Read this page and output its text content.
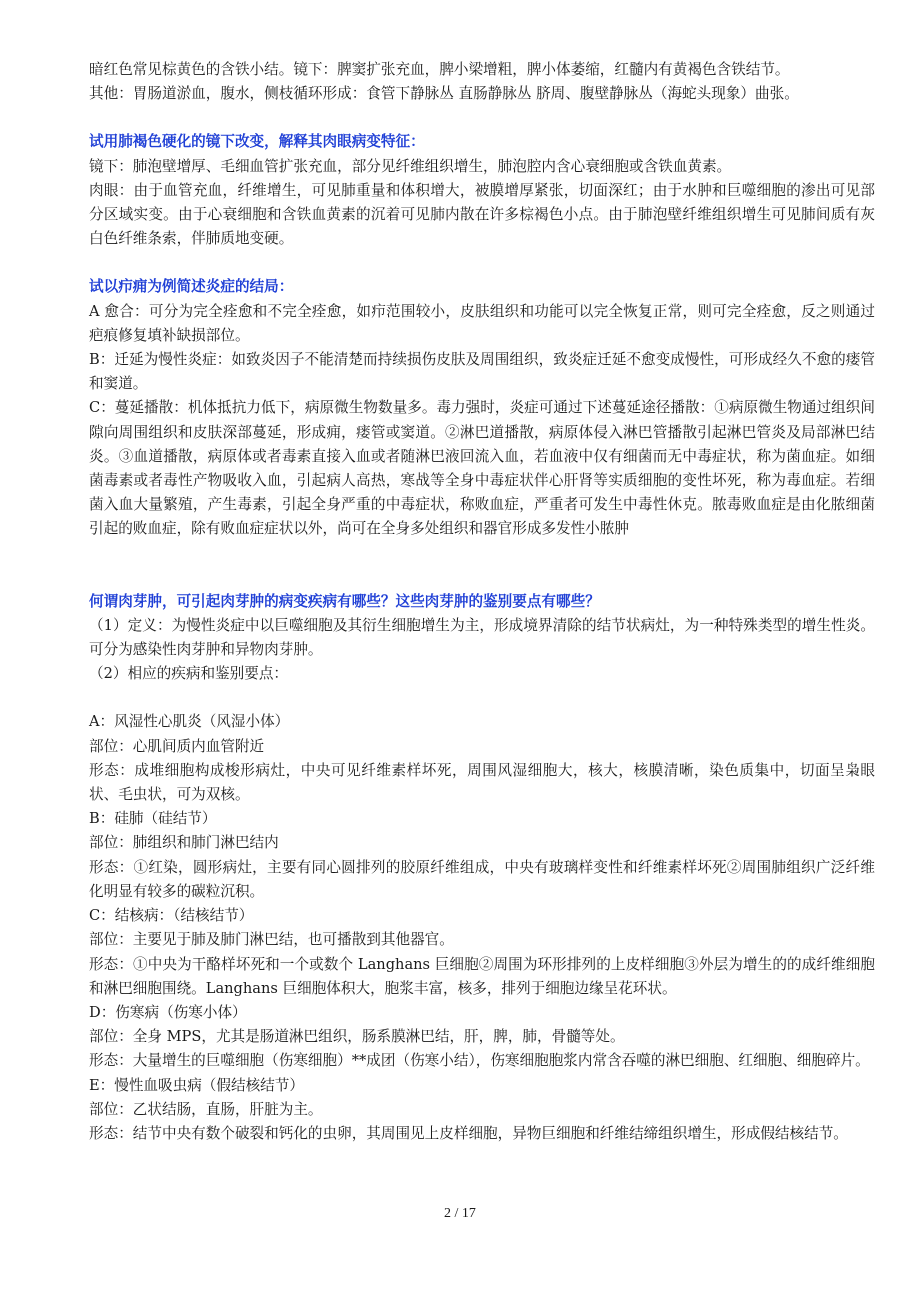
暗红色常见棕黄色的含铁小结。镜下：脾窦扩张充血，脾小梁增粗，脾小体萎缩，红髓内有黄褐色含铁结节。

其他：胃肠道淤血，腹水，侧枝循环形成：食管下静脉丛 直肠静脉丛 脐周、腹壁静脉丛（海蛇头现象）曲张。

试用肺褐色硬化的镜下改变，解释其肉眼病变特征：

镜下：肺泡壁增厚、毛细血管扩张充血，部分见纤维组织增生，肺泡腔内含心衰细胞或含铁血黄素。

肉眼：由于血管充血，纤维增生，可见肺重量和体积增大，被膜增厚紧张，切面深红；由于水肿和巨噬细胞的渗出可见部分区域实变。由于心衰细胞和含铁血黄素的沉着可见肺内散在许多棕褐色小点。由于肺泡壁纤维组织增生可见肺间质有灰白色纤维条索，伴肺质地变硬。

试以疖痈为例简述炎症的结局：

A 愈合：可分为完全痊愈和不完全痊愈，如疖范围较小，皮肤组织和功能可以完全恢复正常，则可完全痊愈，反之则通过疤痕修复填补缺损部位。

B：迁延为慢性炎症：如致炎因子不能清楚而持续损伤皮肤及周围组织，致炎症迁延不愈变成慢性，可形成经久不愈的瘘管和窦道。

C：蔓延播散：机体抵抗力低下，病原微生物数量多。毒力强时，炎症可通过下述蔓延途径播散：①病原微生物通过组织间隙向周围组织和皮肤深部蔓延，形成痈，瘘管或窦道。②淋巴道播散，病原体侵入淋巴管播散引起淋巴管炎及局部淋巴结炎。③血道播散，病原体或者毒素直接入血或者随淋巴液回流入血，若血液中仅有细菌而无中毒症状，称为菌血症。如细菌毒素或者毒性产物吸收入血，引起病人高热，寒战等全身中毒症状伴心肝肾等实质细胞的变性坏死，称为毒血症。若细菌入血大量繁殖，产生毒素，引起全身严重的中毒症状，称败血症，严重者可发生中毒性休克。脓毒败血症是由化脓细菌引起的败血症，除有败血症症状以外，尚可在全身多处组织和器官形成多发性小脓肿

何谓肉芽肿，可引起肉芽肿的病变疾病有哪些？这些肉芽肿的鉴别要点有哪些？

（1）定义：为慢性炎症中以巨噬细胞及其衍生细胞增生为主，形成境界清除的结节状病灶，为一种特殊类型的增生性炎。可分为感染性肉芽肿和异物肉芽肿。

（2）相应的疾病和鉴别要点：

A：风湿性心肌炎（风湿小体）

部位：心肌间质内血管附近

形态：成堆细胞构成梭形病灶，中央可见纤维素样坏死，周围风湿细胞大，核大，核膜清晰，染色质集中，切面呈枭眼状、毛虫状，可为双核。

B：硅肺（硅结节）

部位：肺组织和肺门淋巴结内

形态：①红染，圆形病灶，主要有同心圆排列的胶原纤维组成，中央有玻璃样变性和纤维素样坏死②周围肺组织广泛纤维化明显有较多的碳粒沉积。

C：结核病：（结核结节）

部位：主要见于肺及肺门淋巴结，也可播散到其他器官。

形态：①中央为干酪样坏死和一个或数个 Langhans 巨细胞②周围为环形排列的上皮样细胞③外层为增生的的成纤维细胞和淋巴细胞围绕。Langhans 巨细胞体积大，胞浆丰富，核多，排列于细胞边缘呈花环状。

D：伤寒病（伤寒小体）

部位：全身 MPS，尤其是肠道淋巴组织，肠系膜淋巴结，肝，脾，肺，骨髓等处。

形态：大量增生的巨噬细胞（伤寒细胞）**成团（伤寒小结），伤寒细胞胞浆内常含吞噬的淋巴细胞、红细胞、细胞碎片。

E：慢性血吸虫病（假结核结节）

部位：乙状结肠，直肠，肝脏为主。

形态：结节中央有数个破裂和钙化的虫卵，其周围见上皮样细胞，异物巨细胞和纤维结缔组织增生，形成假结核结节。

2 / 17
